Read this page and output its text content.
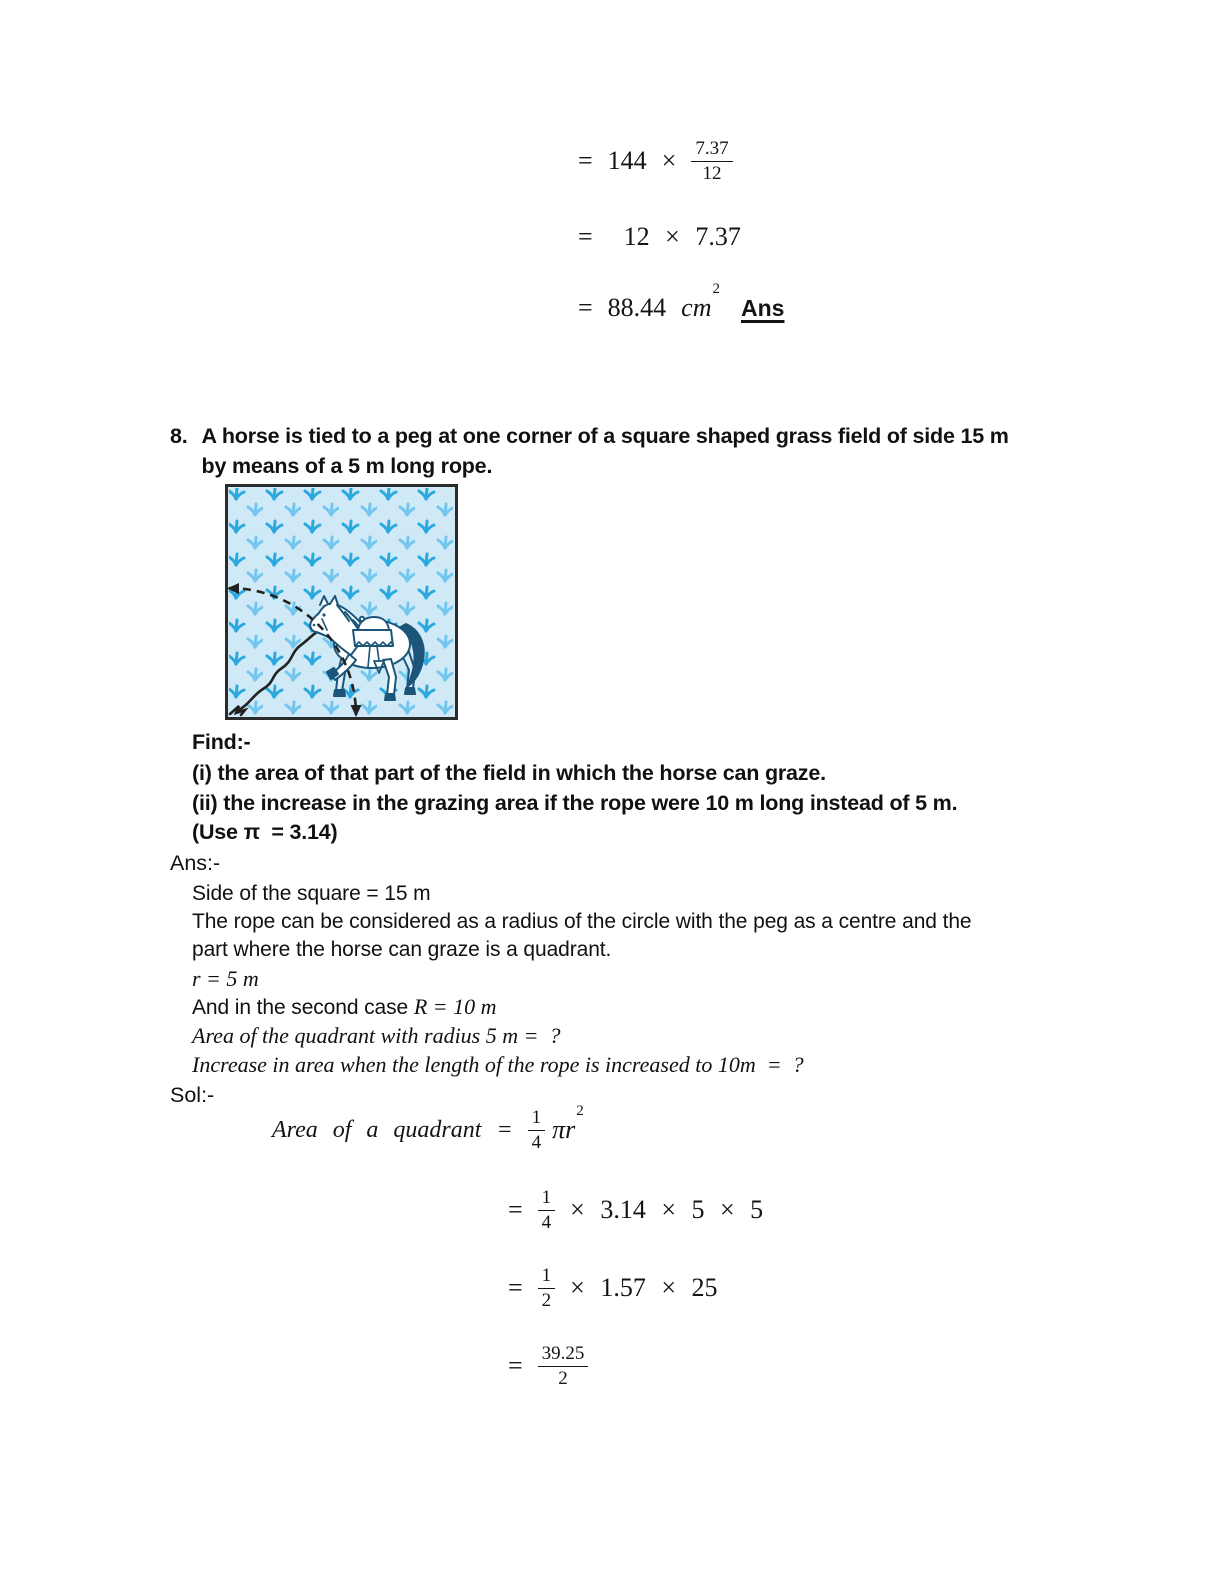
= $144 \times \frac{7.37}{12}$
=  12 × 7.37
= 88.44 cm
2
Ans
8. A horse is tied to a peg at one corner of a square shaped grass field of side 15 m
by means of a 5 m long rope.
Find:-
(i) the area of that part of the field in which the horse can graze.
(ii) the increase in the grazing area if the rope were 10 m long instead of 5 m.
(Use π  = 3.14)
Ans:-
Side of the square = 15 m
The rope can be considered as a radius of the circle with the peg as a centre and the
part where the horse can graze is a quadrant.
r = 5 m
And in the second case R = 10 m
Area of the quadrant with radius 5 m =  ?
Increase in area when the length of the rope is increased to 10m  =  ?
Sol:-
Area of a quadrant = $\frac{1}{4}$ πr
2
= $\frac{1}{4} \times 3.14 \times 5 \times 5$
= $\frac{1}{2} \times 1.57 \times 25$
= $\frac{39.25}{2}$
